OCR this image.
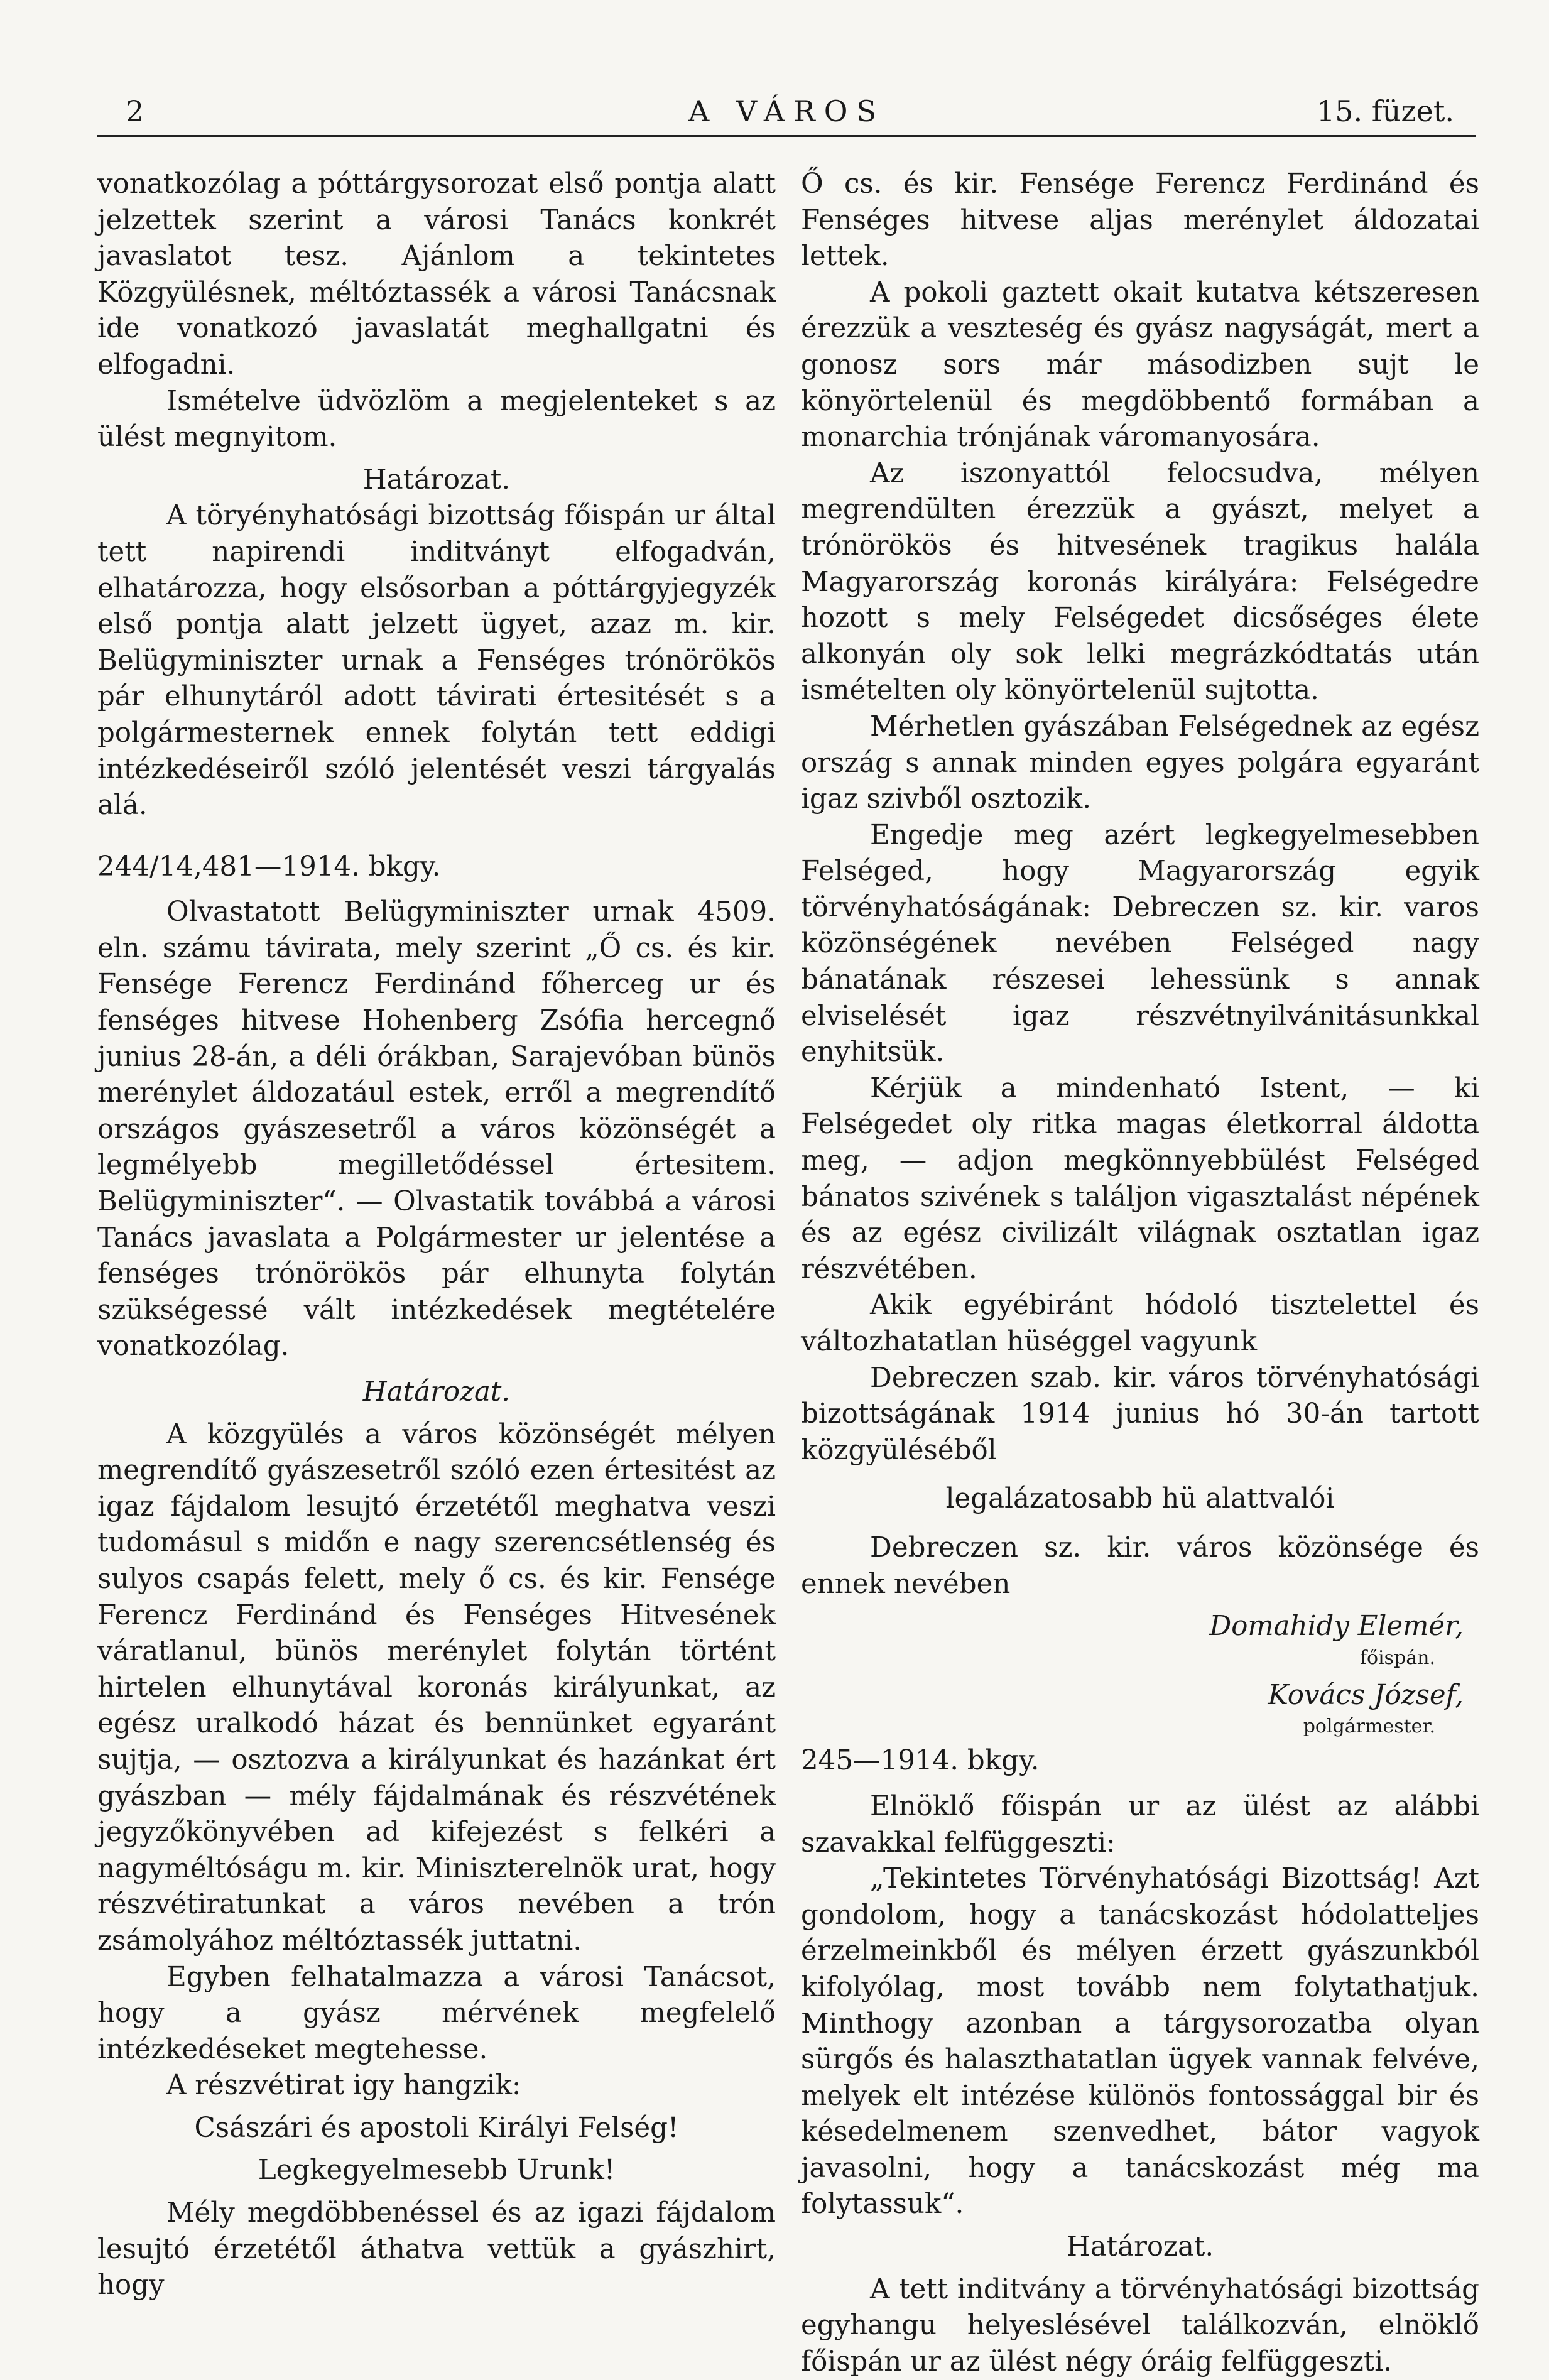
2	A VÁROS	15. füzet.

vonatkozólag a póttárgysorozat első pontja alatt jelzettek szerint a városi Tanács konkrét javaslatot tesz. Ajánlom a tekintetes Közgyülésnek, méltóztassék a városi Tanácsnak ide vonatkozó javaslatát meghallgatni és elfogadni.

Ismételve üdvözlöm a megjelenteket s az ülést megnyitom.

Határozat.

A töryényhatósági bizottság főispán ur által tett napirendi inditványt elfogadván, elhatározza, hogy elsősorban a póttárgyjegyzék első pontja alatt jelzett ügyet, azaz m. kir. Belügyminiszter urnak a Fenséges trónörökös pár elhunytáról adott távirati értesitését s a polgármesternek ennek folytán tett eddigi intézkedéseiről szóló jelentését veszi tárgyalás alá.

244/14,481—1914. bkgy.

Olvastatott Belügyminiszter urnak 4509. eln. számu távirata, mely szerint „Ő cs. és kir. Fensége Ferencz Ferdinánd főherceg ur és fenséges hitvese Hohenberg Zsófia hercegnő junius 28-án, a déli órákban, Sarajevóban bünös merénylet áldozatául estek, erről a megrendítő országos gyászesetről a város közönségét a legmélyebb megilletődéssel értesitem. Belügyminiszter“. — Olvastatik továbbá a városi Tanács javaslata a Polgármester ur jelentése a fenséges trónörökös pár elhunyta folytán szükségessé vált intézkedések megtételére vonatkozólag.

Határozat.

A közgyülés a város közönségét mélyen megrendítő gyászesetről szóló ezen értesitést az igaz fájdalom lesujtó érzetétől meghatva veszi tudomásul s midőn e nagy szerencsétlenség és sulyos csapás felett, mely ő cs. és kir. Fensége Ferencz Ferdinánd és Fenséges Hitvesének váratlanul, bünös merénylet folytán történt hirtelen elhunytával koronás királyunkat, az egész uralkodó házat és bennünket egyaránt sujtja, — osztozva a királyunkat és hazánkat ért gyászban — mély fájdalmának és részvétének jegyzőkönyvében ad kifejezést s felkéri a nagyméltóságu m. kir. Miniszterelnök urat, hogy részvétiratunkat a város nevében a trón zsámolyához méltóztassék juttatni.

Egyben felhatalmazza a városi Tanácsot, hogy a gyász mérvének megfelelő intézkedéseket megtehesse.

A részvétirat igy hangzik:

Császári és apostoli Királyi Felség!

Legkegyelmesebb Urunk!

Mély megdöbbenéssel és az igazi fájdalom lesujtó érzetétől áthatva vettük a gyászhirt, hogy

Ő cs. és kir. Fensége Ferencz Ferdinánd és Fenséges hitvese aljas merénylet áldozatai lettek.

A pokoli gaztett okait kutatva kétszeresen érezzük a veszteség és gyász nagyságát, mert a gonosz sors már másodizben sujt le könyörtelenül és megdöbbentő formában a monarchia trónjának váromanyosára.

Az iszonyattól felocsudva, mélyen megrendülten érezzük a gyászt, melyet a trónörökös és hitvesének tragikus halála Magyarország koronás királyára: Felségedre hozott s mely Felségedet dicsőséges élete alkonyán oly sok lelki megrázkódtatás után ismételten oly könyörtelenül sujtotta.

Mérhetlen gyászában Felségednek az egész ország s annak minden egyes polgára egyaránt igaz szivből osztozik.

Engedje meg azért legkegyelmesebben Felséged, hogy Magyarország egyik törvényhatóságának: Debreczen sz. kir. varos közönségének nevében Felséged nagy bánatának részesei lehessünk s annak elviselését igaz részvétnyilvánitásunkkal enyhitsük.

Kérjük a mindenható Istent, — ki Felségedet oly ritka magas életkorral áldotta meg, — adjon megkönnyebbülést Felséged bánatos szivének s találjon vigasztalást népének és az egész civilizált világnak osztatlan igaz részvétében.

Akik egyébiránt hódoló tisztelettel és változhatatlan hüséggel vagyunk

Debreczen szab. kir. város törvényhatósági bizottságának 1914 junius hó 30-án tartott közgyüléséből

legalázatosabb hü alattvalói

Debreczen sz. kir. város közönsége és ennek nevében

Domahidy Elemér,

főispán.

Kovács József,

polgármester.

245—1914. bkgy.

Elnöklő főispán ur az ülést az alábbi szavakkal felfüggeszti:

„Tekintetes Törvényhatósági Bizottság! Azt gondolom, hogy a tanácskozást hódolatteljes érzelmeinkből és mélyen érzett gyászunkból kifolyólag, most tovább nem folytathatjuk. Minthogy azonban a tárgysorozatba olyan sürgős és halaszthatatlan ügyek vannak felvéve, melyek elt intézése különös fontossággal bir és késedelmenem szenvedhet, bátor vagyok javasolni, hogy a tanácskozást még ma folytassuk“.

Határozat.

A tett inditvány a törvényhatósági bizottság egyhangu helyeslésével találkozván, elnöklő főispán ur az ülést négy óráig felfüggeszti.
